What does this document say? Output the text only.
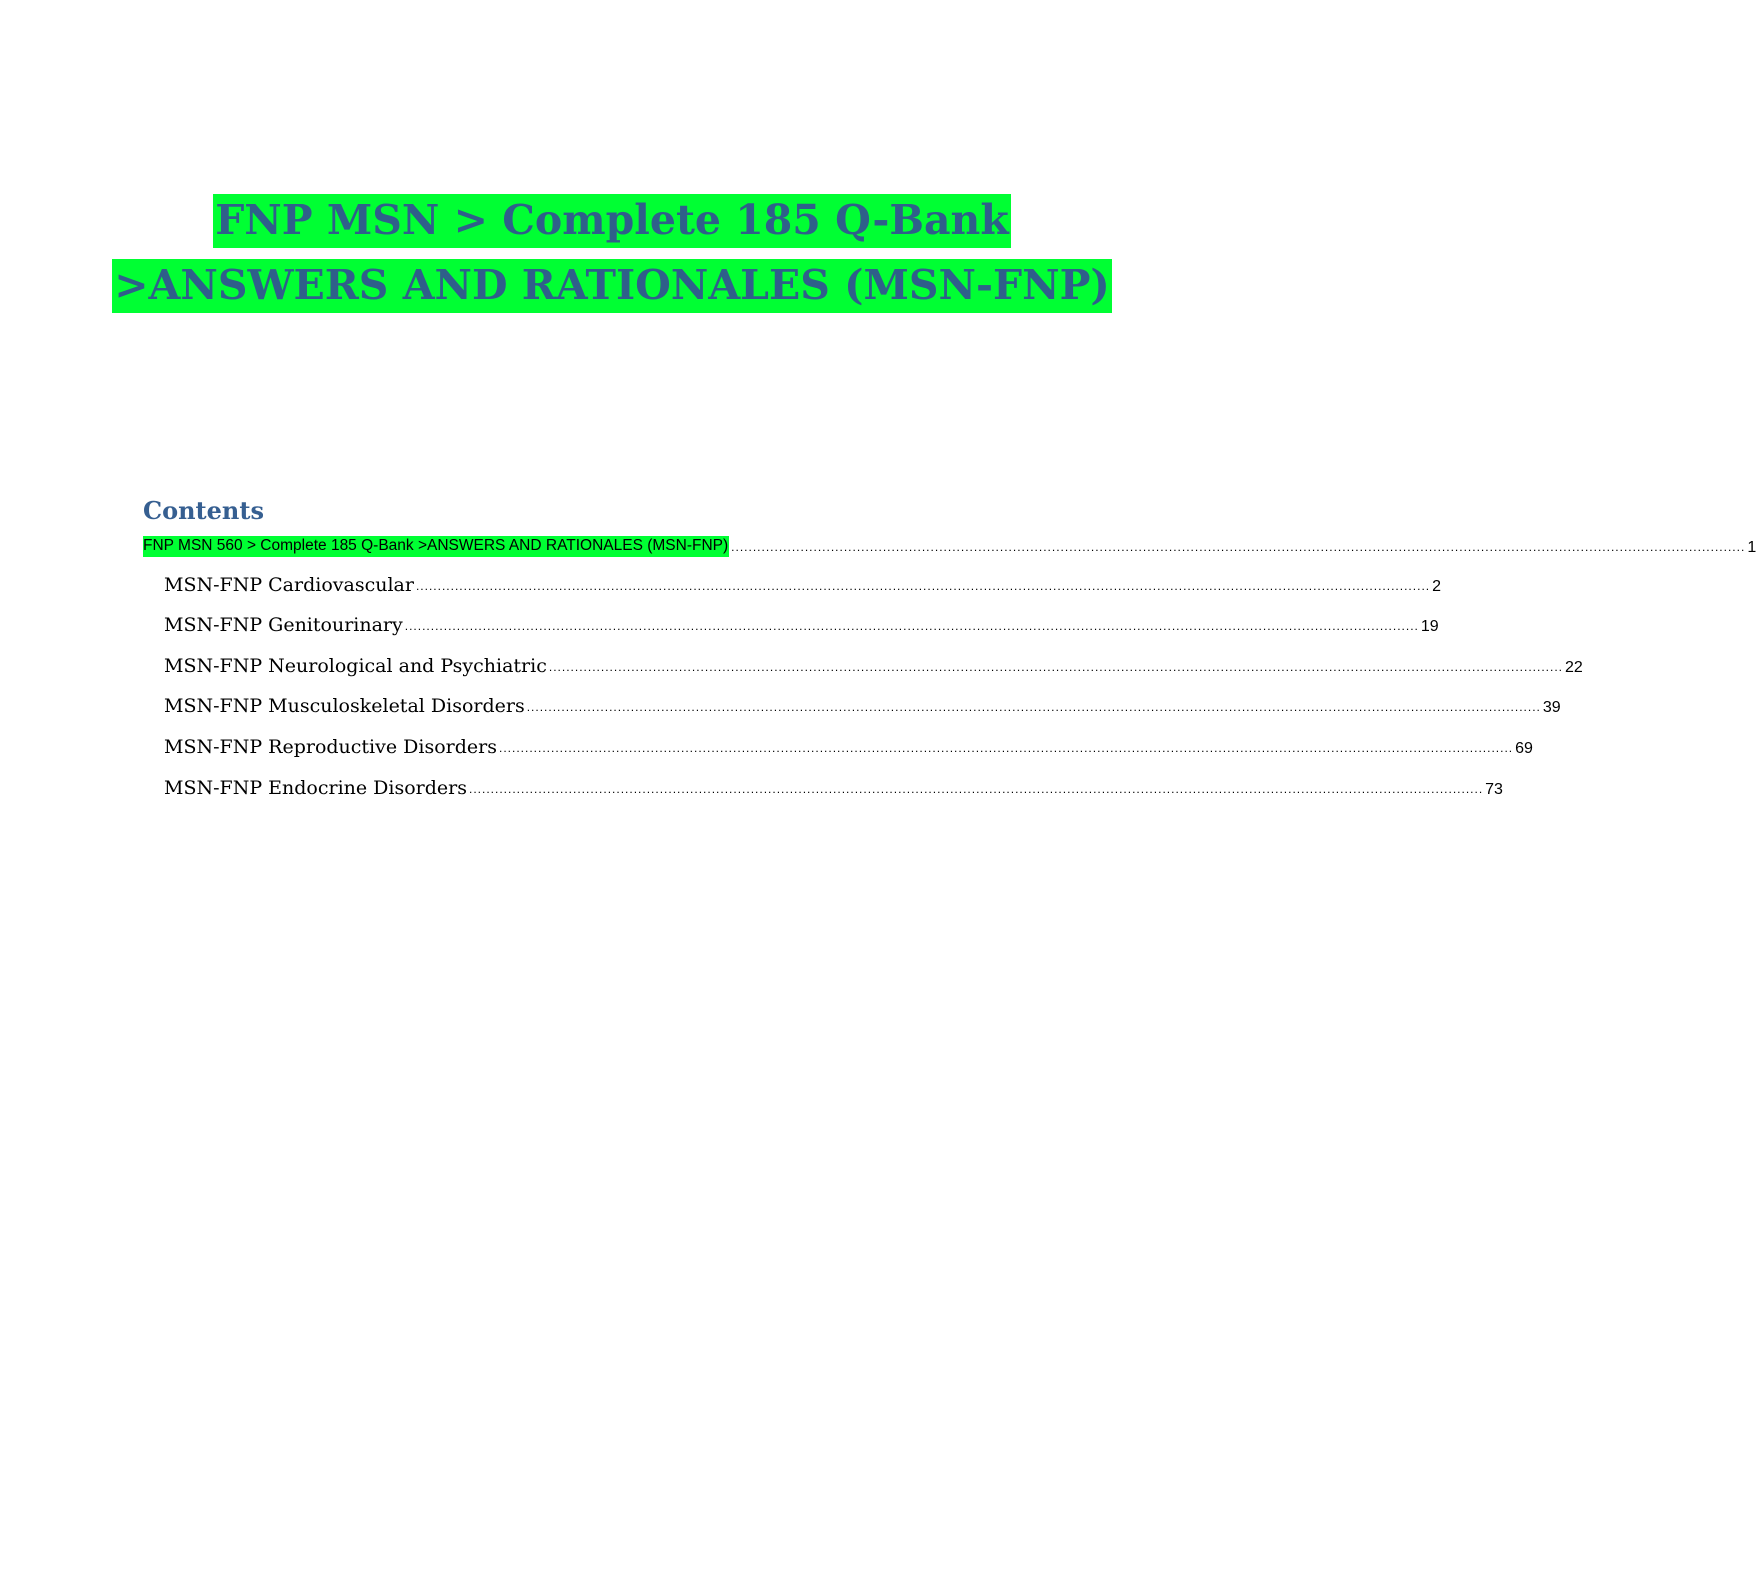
FNP MSN > Complete 185 Q-Bank
>ANSWERS AND RATIONALES (MSN-FNP)
Contents
FNP MSN 560 > Complete 185 Q-Bank >ANSWERS AND RATIONALES (MSN-FNP) .......................................................................................................................................................................................................................................... 1
MSN-FNP Cardiovascular .......................................................................................................................................................................................................................................... 2
MSN-FNP Genitourinary .......................................................................................................................................................................................................................................... 19
MSN-FNP Neurological and Psychiatric .......................................................................................................................................................................................................................................... 22
MSN-FNP Musculoskeletal Disorders .......................................................................................................................................................................................................................................... 39
MSN-FNP Reproductive Disorders .......................................................................................................................................................................................................................................... 69
MSN-FNP Endocrine Disorders .......................................................................................................................................................................................................................................... 73
